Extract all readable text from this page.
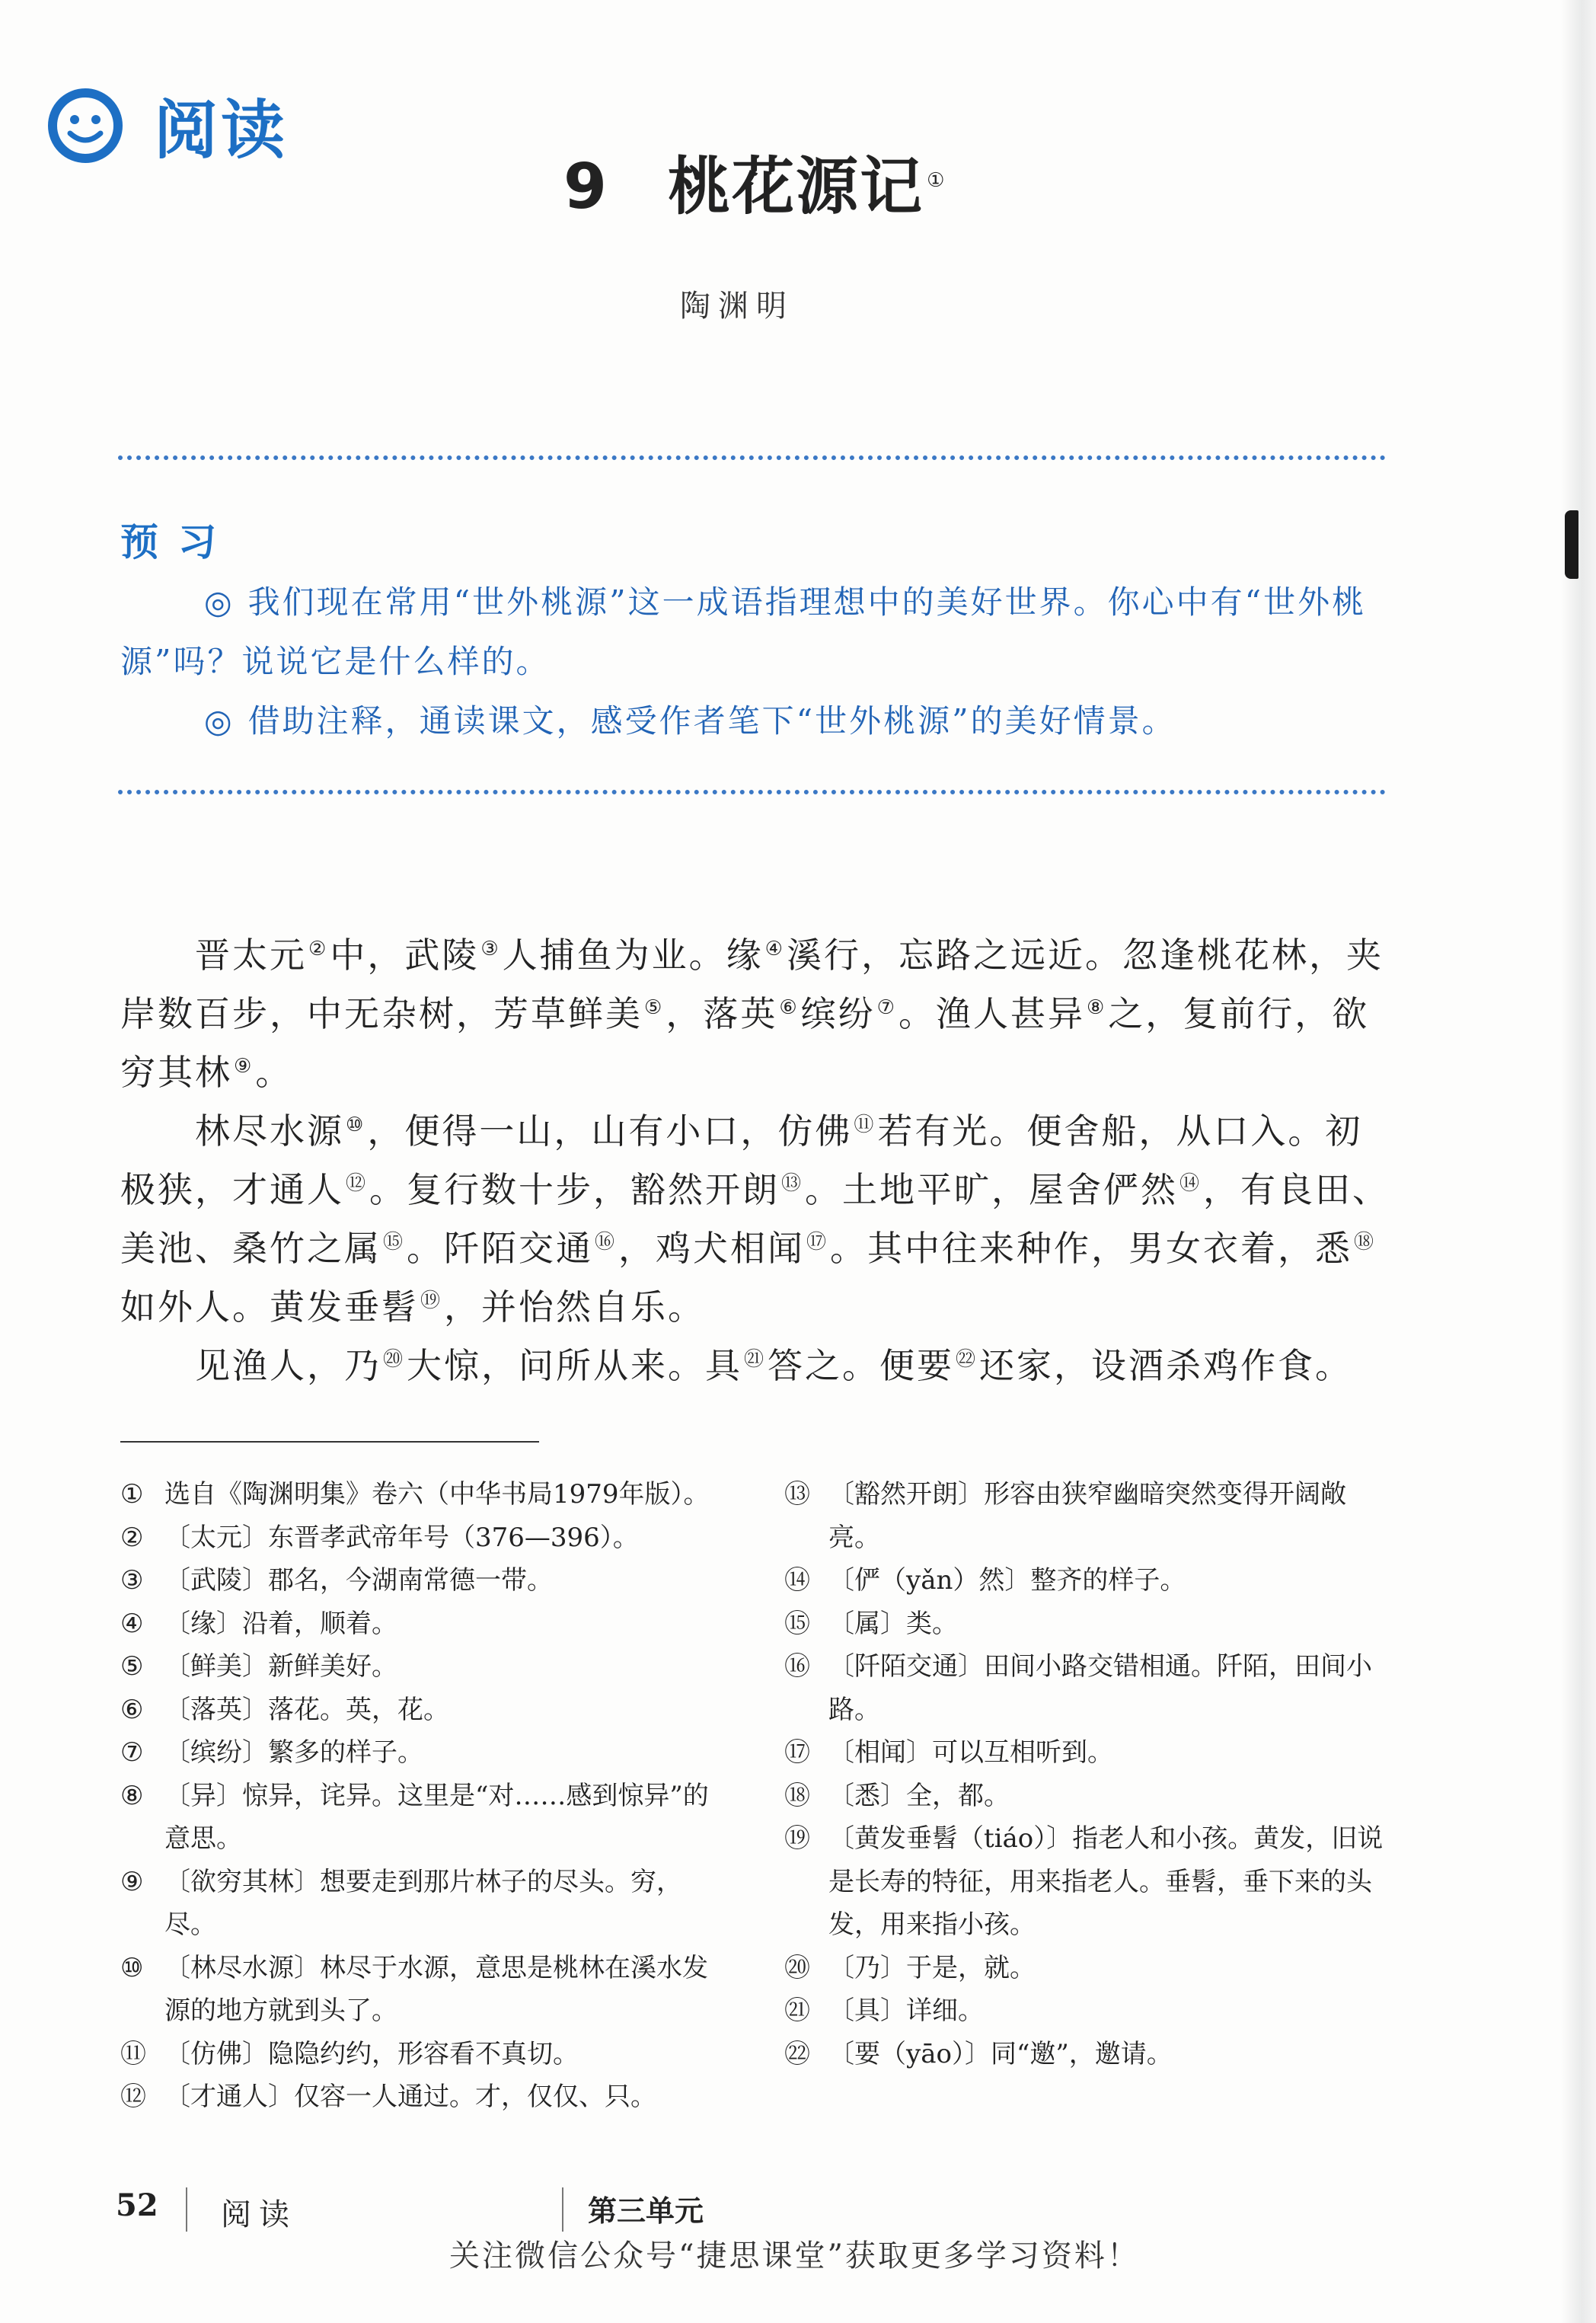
阅读
9 桃花源记 ①
陶渊明
预习
◎ 我们现在常用“世外桃源”这一成语指理想中的美好世界。你心中有“世外桃源”吗？说说它是什么样的。
◎ 借助注释，通读课文，感受作者笔下“世外桃源”的美好情景。

晋太元②中，武陵③人捕鱼为业。缘④溪行，忘路之远近。忽逢桃花林，夹岸数百步，中无杂树，芳草鲜美⑤，落英⑥缤纷⑦。渔人甚异⑧之，复前行，欲穷其林⑨。

林尽水源⑩，便得一山，山有小口，仿佛⑪若有光。便舍船，从口入。初极狭，才通人⑫。复行数十步，豁然开朗⑬。土地平旷，屋舍俨然⑭，有良田、美池、桑竹之属⑮。阡陌交通⑯，鸡犬相闻⑰。其中往来种作，男女衣着，悉⑱如外人。黄发垂髫⑲，并怡然自乐。

见渔人，乃⑳大惊，问所从来。具$^㉑$答之。便要$^㉒$还家，设酒杀鸡作食。

① 选自《陶渊明集》卷六（中华书局1979年版）。
② 〔太元〕东晋孝武帝年号（376—396）。
③ 〔武陵〕郡名，今湖南常德一带。
④ 〔缘〕沿着，顺着。
⑤ 〔鲜美〕新鲜美好。
⑥ 〔落英〕落花。英，花。
⑦ 〔缤纷〕繁多的样子。
⑧ 〔异〕惊异，诧异。这里是“对……感到惊异”的意思。
⑨ 〔欲穷其林〕想要走到那片林子的尽头。穷，尽。
⑩ 〔林尽水源〕林尽于水源，意思是桃林在溪水发源的地方就到头了。
⑪ 〔仿佛〕隐隐约约，形容看不真切。
⑫ 〔才通人〕仅容一人通过。才，仅仅、只。
⑬ 〔豁然开朗〕形容由狭窄幽暗突然变得开阔敞亮。
⑭ 〔俨（yǎn）然〕整齐的样子。
⑮ 〔属〕类。
⑯ 〔阡陌交通〕田间小路交错相通。阡陌，田间小路。
⑰ 〔相闻〕可以互相听到。
⑱ 〔悉〕全，都。
⑲ 〔黄发垂髫（tiáo）〕指老人和小孩。黄发，旧说是长寿的特征，用来指老人。垂髫，垂下来的头发，用来指小孩。
⑳ 〔乃〕于是，就。
㉑ 〔具〕详细。
㉒ 〔要（yāo）〕同“邀”，邀请。
52 阅读	第三单元
关注微信公众号“捷思课堂”获取更多学习资料！
